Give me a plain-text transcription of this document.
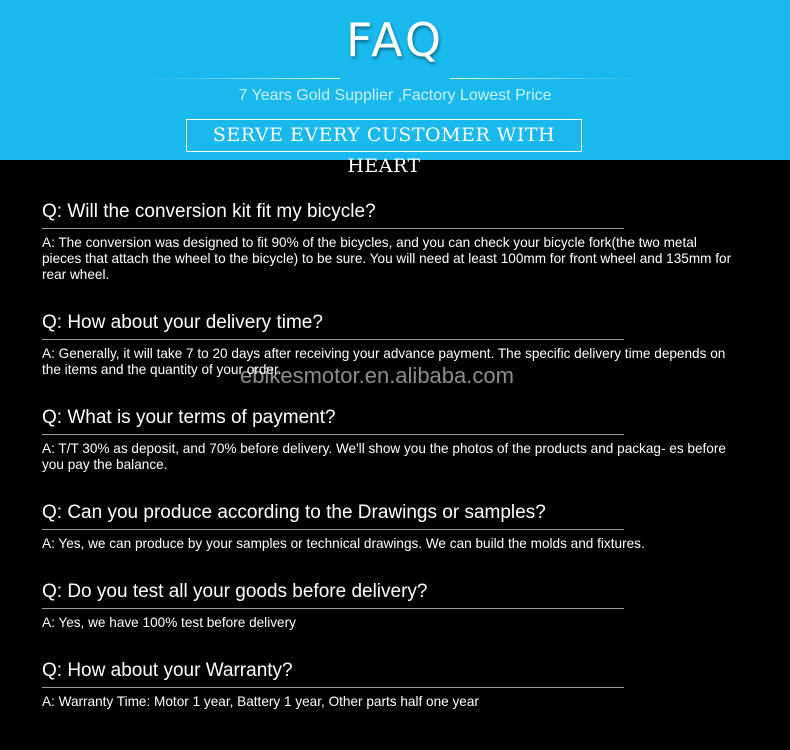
FAQ
7 Years Gold Supplier ,Factory Lowest Price
SERVE EVERY CUSTOMER WITH HEART
Q: Will the conversion kit fit my bicycle?
A: The conversion was designed to fit 90% of the bicycles, and you can check your bicycle fork(the two metal pieces that attach the wheel to the bicycle) to be sure. You will need at least 100mm for front wheel and 135mm for rear wheel.
Q: How about your delivery time?
A: Generally, it will take 7 to 20 days after receiving your advance payment. The specific delivery time depends on the items and the quantity of your order.
Q: What is your terms of payment?
A: T/T 30% as deposit, and 70% before delivery. We'll show you the photos of the products and packag- es before you pay the balance.
Q: Can you produce according to the Drawings or samples?
A: Yes, we can produce by your samples or technical drawings. We can build the molds and fixtures.
Q: Do you test all your goods before delivery?
A: Yes, we have 100% test before delivery
Q: How about your Warranty?
A: Warranty Time: Motor 1 year, Battery 1 year, Other parts half one year
ebikesmotor.en.alibaba.com
